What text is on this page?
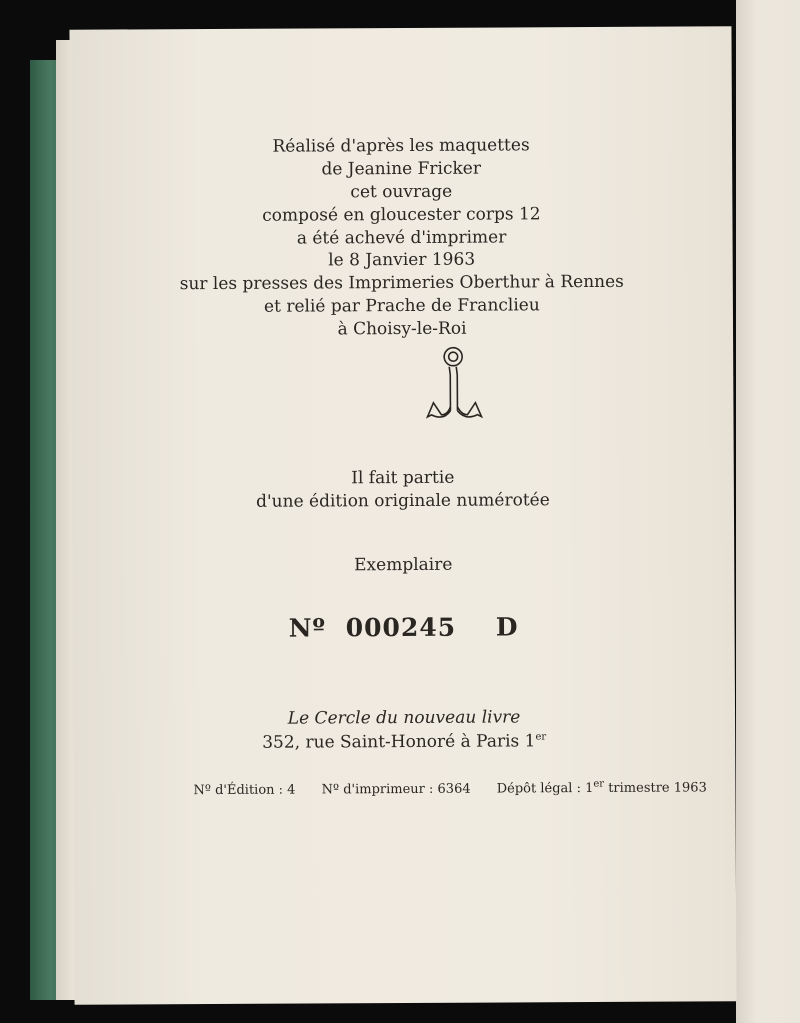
Réalisé d'après les maquettes
de Jeanine Fricker
cet ouvrage
composé en gloucester corps 12
a été achevé d'imprimer
le 8 Janvier 1963
sur les presses des Imprimeries Oberthur à Rennes
et relié par Prache de Franclieu
à Choisy-le-Roi
Il fait partie
d'une édition originale numérotée
Exemplaire
Nº 000245 D
Le Cercle du nouveau livre
352, rue Saint-Honoré à Paris 1er
Nº d'Édition : 4 Nº d'imprimeur : 6364 Dépôt légal : 1er trimestre 1963
